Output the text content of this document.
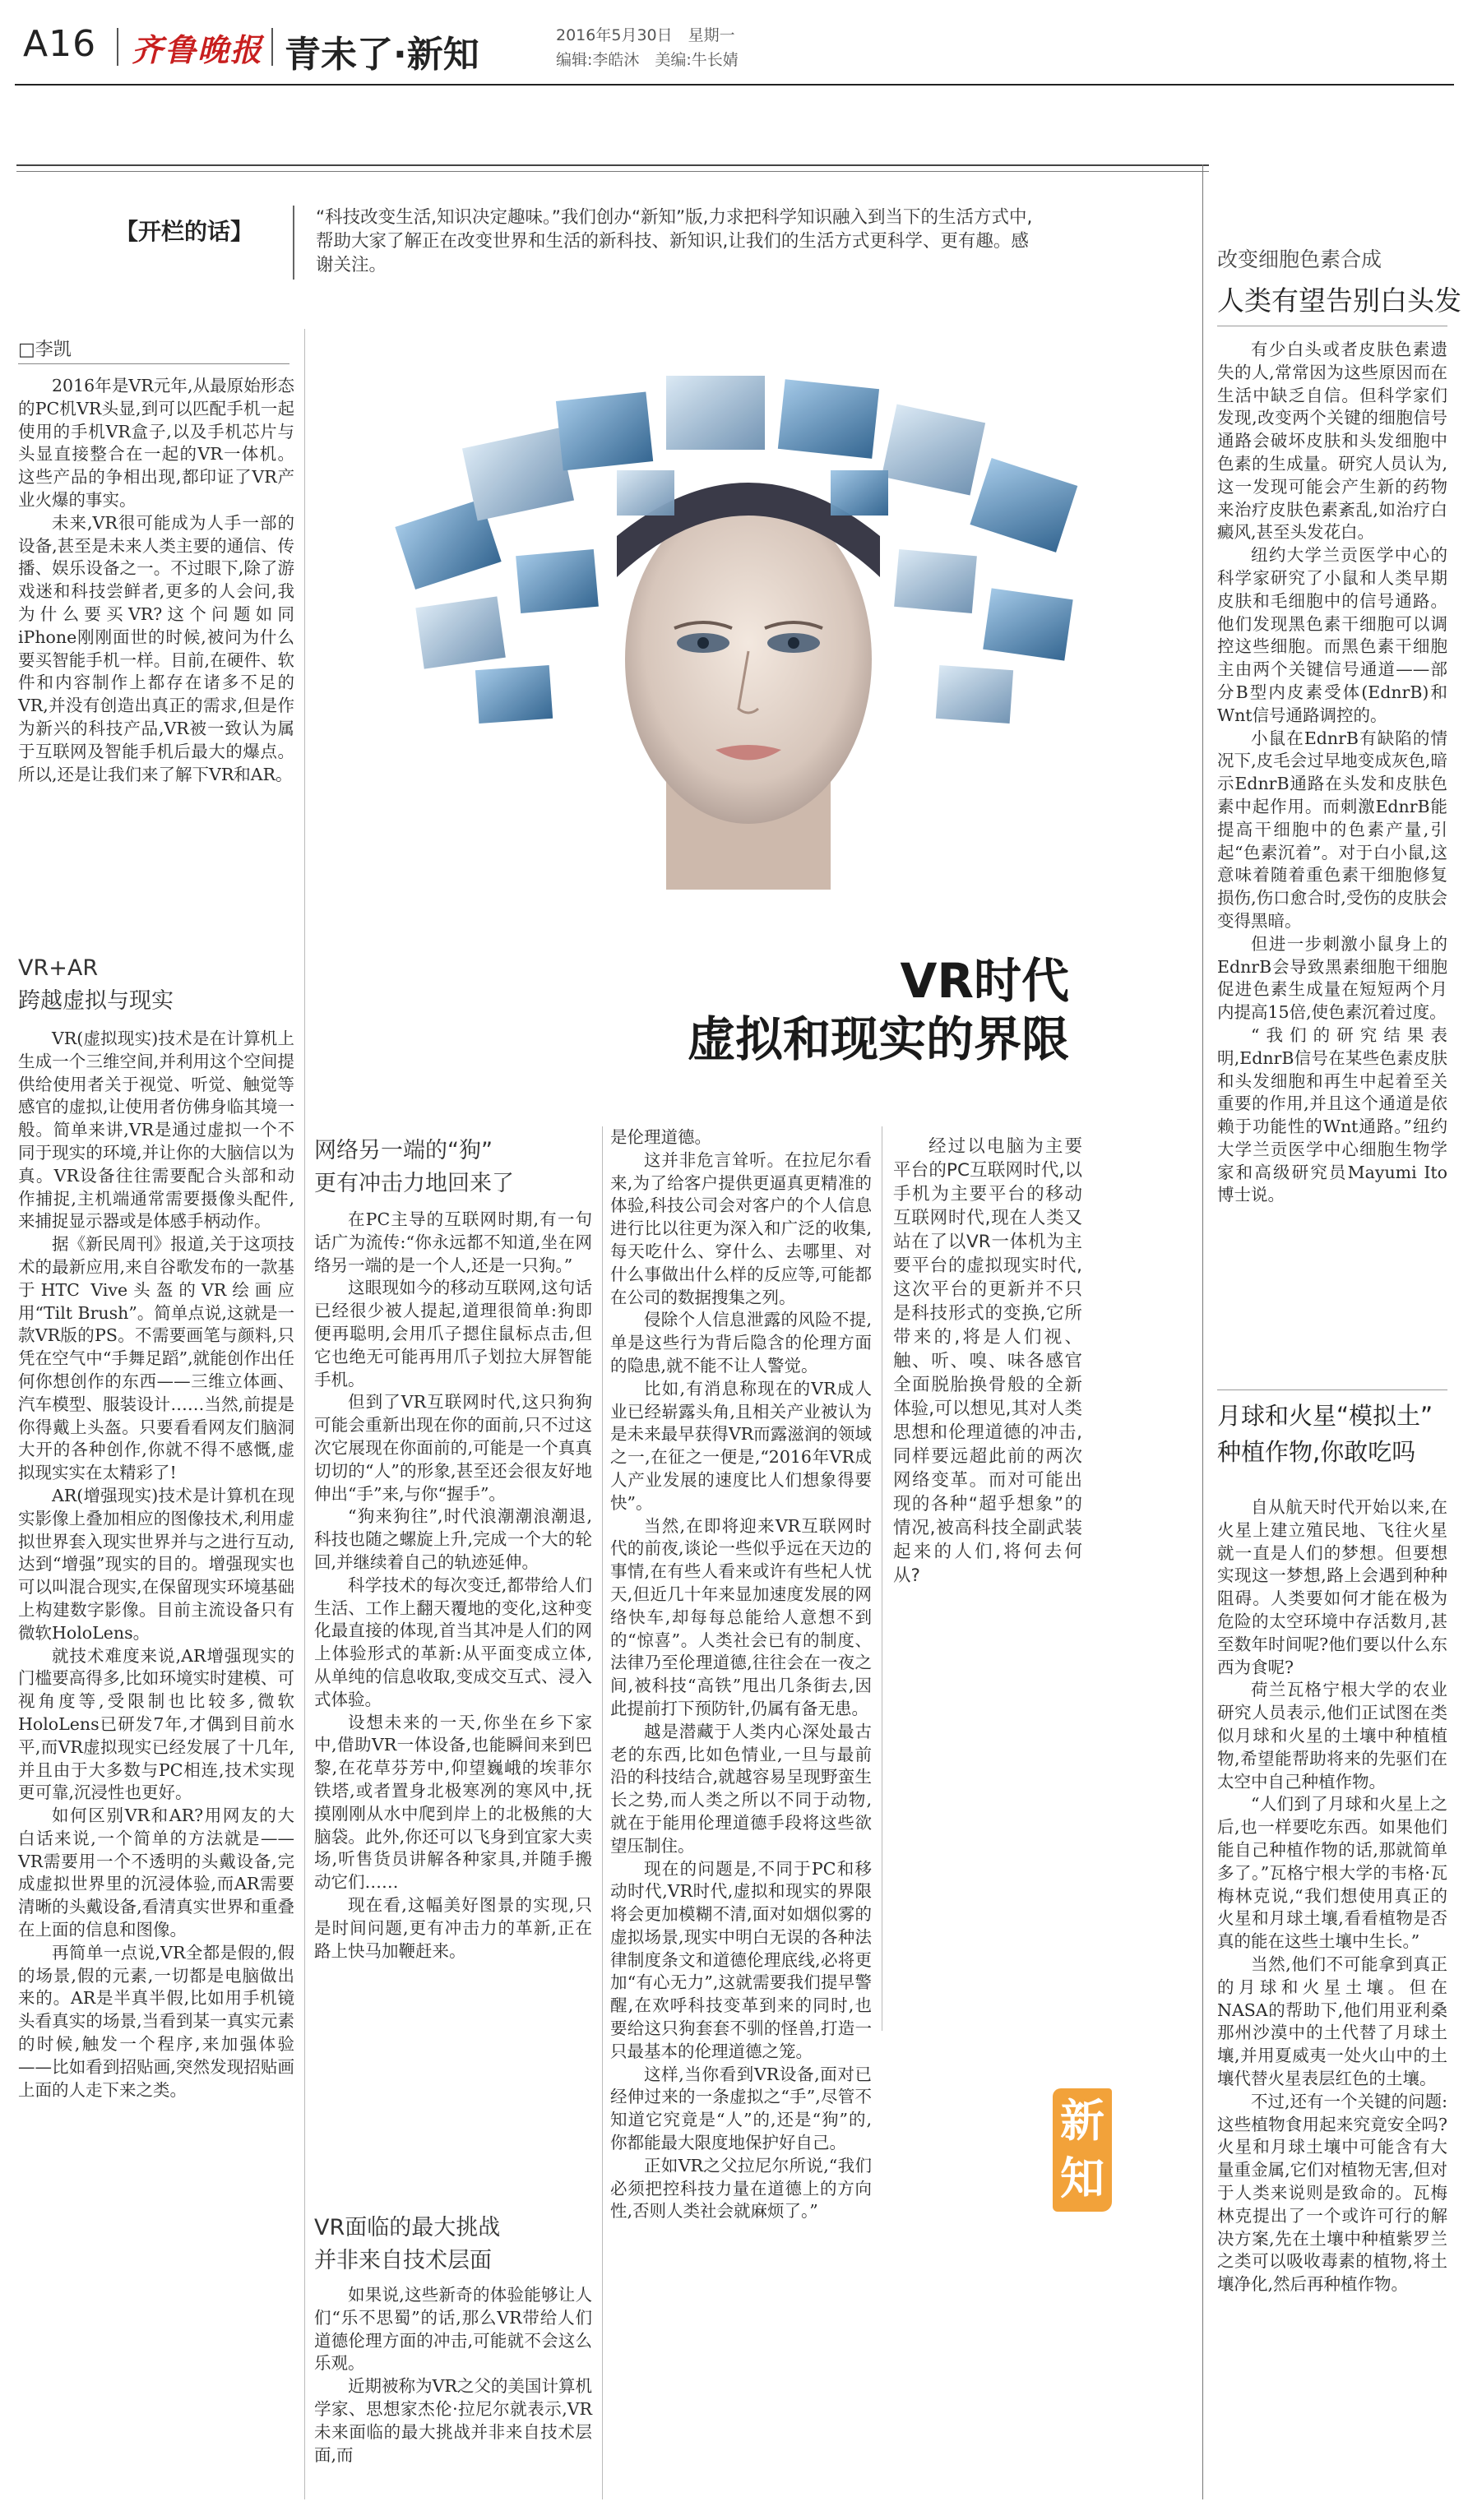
A16 齐鲁晚报 青未了·新知	2016年5月30日　星期一
编辑:李皓沐　美编:牛长婧
【开栏的话】
“科技改变生活,知识决定趣味。”我们创办“新知”版,力求把科学知识融入到当下的生活方式中,帮助大家了解正在改变世界和生活的新科技、新知识,让我们的生活方式更科学、更有趣。感谢关注。
□李凯

2016年是VR元年,从最原始形态的PC机VR头显,到可以匹配手机一起使用的手机VR盒子,以及手机芯片与头显直接整合在一起的VR一体机。这些产品的争相出现,都印证了VR产业火爆的事实。

未来,VR很可能成为人手一部的设备,甚至是未来人类主要的通信、传播、娱乐设备之一。不过眼下,除了游戏迷和科技尝鲜者,更多的人会问,我为什么要买VR?这个问题如同iPhone刚刚面世的时候,被问为什么要买智能手机一样。目前,在硬件、软件和内容制作上都存在诸多不足的VR,并没有创造出真正的需求,但是作为新兴的科技产品,VR被一致认为属于互联网及智能手机后最大的爆点。所以,还是让我们来了解下VR和AR。

VR+AR
跨越虚拟与现实

VR(虚拟现实)技术是在计算机上生成一个三维空间,并利用这个空间提供给使用者关于视觉、听觉、触觉等感官的虚拟,让使用者仿佛身临其境一般。简单来讲,VR是通过虚拟一个不同于现实的环境,并让你的大脑信以为真。VR设备往往需要配合头部和动作捕捉,主机端通常需要摄像头配件,来捕捉显示器或是体感手柄动作。

据《新民周刊》报道,关于这项技术的最新应用,来自谷歌发布的一款基于HTC Vive头盔的VR绘画应用“Tilt Brush”。简单点说,这就是一款VR版的PS。不需要画笔与颜料,只凭在空气中“手舞足蹈”,就能创作出任何你想创作的东西——三维立体画、汽车模型、服装设计……当然,前提是你得戴上头盔。只要看看网友们脑洞大开的各种创作,你就不得不感慨,虚拟现实实在太精彩了!

AR(增强现实)技术是计算机在现实影像上叠加相应的图像技术,利用虚拟世界套入现实世界并与之进行互动,达到“增强”现实的目的。增强现实也可以叫混合现实,在保留现实环境基础上构建数字影像。目前主流设备只有微软HoloLens。

就技术难度来说,AR增强现实的门槛要高得多,比如环境实时建模、可视角度等,受限制也比较多,微软HoloLens已研发7年,才偶到目前水平,而VR虚拟现实已经发展了十几年,并且由于大多数与PC相连,技术实现更可靠,沉浸性也更好。

如何区别VR和AR?用网友的大白话来说,一个简单的方法就是——VR需要用一个不透明的头戴设备,完成虚拟世界里的沉浸体验,而AR需要清晰的头戴设备,看清真实世界和重叠在上面的信息和图像。

再简单一点说,VR全都是假的,假的场景,假的元素,一切都是电脑做出来的。AR是半真半假,比如用手机镜头看真实的场景,当看到某一真实元素的时候,触发一个程序,来加强体验——比如看到招贴画,突然发现招贴画上面的人走下来之类。

VR时代
虚拟和现实的界限
网络另一端的“狗”
更有冲击力地回来了

在PC主导的互联网时期,有一句话广为流传:“你永远都不知道,坐在网络另一端的是一个人,还是一只狗。”

这眼现如今的移动互联网,这句话已经很少被人提起,道理很简单:狗即便再聪明,会用爪子摁住鼠标点击,但它也绝无可能再用爪子划拉大屏智能手机。

但到了VR互联网时代,这只狗狗可能会重新出现在你的面前,只不过这次它展现在你面前的,可能是一个真真切切的“人”的形象,甚至还会很友好地伸出“手”来,与你“握手”。

“狗来狗往”,时代浪潮潮浪潮退,科技也随之螺旋上升,完成一个大的轮回,并继续着自己的轨迹延伸。

科学技术的每次变迁,都带给人们生活、工作上翻天覆地的变化,这种变化最直接的体现,首当其冲是人们的网上体验形式的革新:从平面变成立体,从单纯的信息收取,变成交互式、浸入式体验。

设想未来的一天,你坐在乡下家中,借助VR一体设备,也能瞬间来到巴黎,在花草芬芳中,仰望巍峨的埃菲尔铁塔,或者置身北极寒冽的寒风中,抚摸刚刚从水中爬到岸上的北极熊的大脑袋。此外,你还可以飞身到宜家大卖场,听售货员讲解各种家具,并随手搬动它们……

现在看,这幅美好图景的实现,只是时间问题,更有冲击力的革新,正在路上快马加鞭赶来。

VR面临的最大挑战
并非来自技术层面

如果说,这些新奇的体验能够让人们“乐不思蜀”的话,那么VR带给人们道德伦理方面的冲击,可能就不会这么乐观。

近期被称为VR之父的美国计算机学家、思想家杰伦·拉尼尔就表示,VR未来面临的最大挑战并非来自技术层面,而

是伦理道德。

这并非危言耸听。在拉尼尔看来,为了给客户提供更逼真更精准的体验,科技公司会对客户的个人信息进行比以往更为深入和广泛的收集,每天吃什么、穿什么、去哪里、对什么事做出什么样的反应等,可能都在公司的数据搜集之列。

侵除个人信息泄露的风险不提,单是这些行为背后隐含的伦理方面的隐患,就不能不让人警觉。

比如,有消息称现在的VR成人业已经崭露头角,且相关产业被认为是未来最早获得VR而露滋润的领域之一,在征之一便是,“2016年VR成人产业发展的速度比人们想象得要快”。

当然,在即将迎来VR互联网时代的前夜,谈论一些似乎远在天边的事情,在有些人看来或许有些杞人忧天,但近几十年来显加速度发展的网络快车,却每每总能给人意想不到的“惊喜”。人类社会已有的制度、法律乃至伦理道德,往往会在一夜之间,被科技“高铁”甩出几条街去,因此提前打下预防针,仍属有备无患。

越是潜藏于人类内心深处最古老的东西,比如色情业,一旦与最前沿的科技结合,就越容易呈现野蛮生长之势,而人类之所以不同于动物,就在于能用伦理道德手段将这些欲望压制住。

现在的问题是,不同于PC和移动时代,VR时代,虚拟和现实的界限将会更加模糊不清,面对如烟似雾的虚拟场景,现实中明白无误的各种法律制度条文和道德伦理底线,必将更加“有心无力”,这就需要我们提早警醒,在欢呼科技变革到来的同时,也要给这只狗套套不驯的怪兽,打造一只最基本的伦理道德之笼。

这样,当你看到VR设备,面对已经伸过来的一条虚拟之“手”,尽管不知道它究竟是“人”的,还是“狗”的,你都能最大限度地保护好自己。

正如VR之父拉尼尔所说,“我们必须把控科技力量在道德上的方向性,否则人类社会就麻烦了。”

经过以电脑为主要平台的PC互联网时代,以手机为主要平台的移动互联网时代,现在人类又站在了以VR一体机为主要平台的虚拟现实时代,这次平台的更新并不只是科技形式的变换,它所带来的,将是人们视、触、听、嗅、味各感官全面脱胎换骨般的全新体验,可以想见,其对人类思想和伦理道德的冲击,同样要远超此前的两次网络变革。而对可能出现的各种“超乎想象”的情况,被高科技全副武装起来的人们,将何去何从?
新
知
改变细胞色素合成
人类有望告别白头发

有少白头或者皮肤色素遗失的人,常常因为这些原因而在生活中缺乏自信。但科学家们发现,改变两个关键的细胞信号通路会破坏皮肤和头发细胞中色素的生成量。研究人员认为,这一发现可能会产生新的药物来治疗皮肤色素紊乱,如治疗白癜风,甚至头发花白。

纽约大学兰贡医学中心的科学家研究了小鼠和人类早期皮肤和毛细胞中的信号通路。他们发现黑色素干细胞可以调控这些细胞。而黑色素干细胞主由两个关键信号通道——部分B型内皮素受体(EdnrB)和Wnt信号通路调控的。

小鼠在EdnrB有缺陷的情况下,皮毛会过早地变成灰色,暗示EdnrB通路在头发和皮肤色素中起作用。而刺激EdnrB能提高干细胞中的色素产量,引起“色素沉着”。对于白小鼠,这意味着随着重色素干细胞修复损伤,伤口愈合时,受伤的皮肤会变得黑暗。

但进一步刺激小鼠身上的EdnrB会导致黑素细胞干细胞促进色素生成量在短短两个月内提高15倍,使色素沉着过度。

“我们的研究结果表明,EdnrB信号在某些色素皮肤和头发细胞和再生中起着至关重要的作用,并且这个通道是依赖于功能性的Wnt通路。”纽约大学兰贡医学中心细胞生物学家和高级研究员Mayumi Ito博士说。

月球和火星“模拟土”
种植作物,你敢吃吗

自从航天时代开始以来,在火星上建立殖民地、飞往火星就一直是人们的梦想。但要想实现这一梦想,路上会遇到种种阻碍。人类要如何才能在极为危险的太空环境中存活数月,甚至数年时间呢?他们要以什么东西为食呢?

荷兰瓦格宁根大学的农业研究人员表示,他们正试图在类似月球和火星的土壤中种植植物,希望能帮助将来的先驱们在太空中自己种植作物。

“人们到了月球和火星上之后,也一样要吃东西。如果他们能自己种植作物的话,那就简单多了。”瓦格宁根大学的韦格·瓦梅林克说,“我们想使用真正的火星和月球土壤,看看植物是否真的能在这些土壤中生长。”

当然,他们不可能拿到真正的月球和火星土壤。但在NASA的帮助下,他们用亚利桑那州沙漠中的土代替了月球土壤,并用夏威夷一处火山中的土壤代替火星表层红色的土壤。

不过,还有一个关键的问题:这些植物食用起来究竟安全吗?火星和月球土壤中可能含有大量重金属,它们对植物无害,但对于人类来说则是致命的。瓦梅林克提出了一个或许可行的解决方案,先在土壤中种植紫罗兰之类可以吸收毒素的植物,将土壤净化,然后再种植作物。
